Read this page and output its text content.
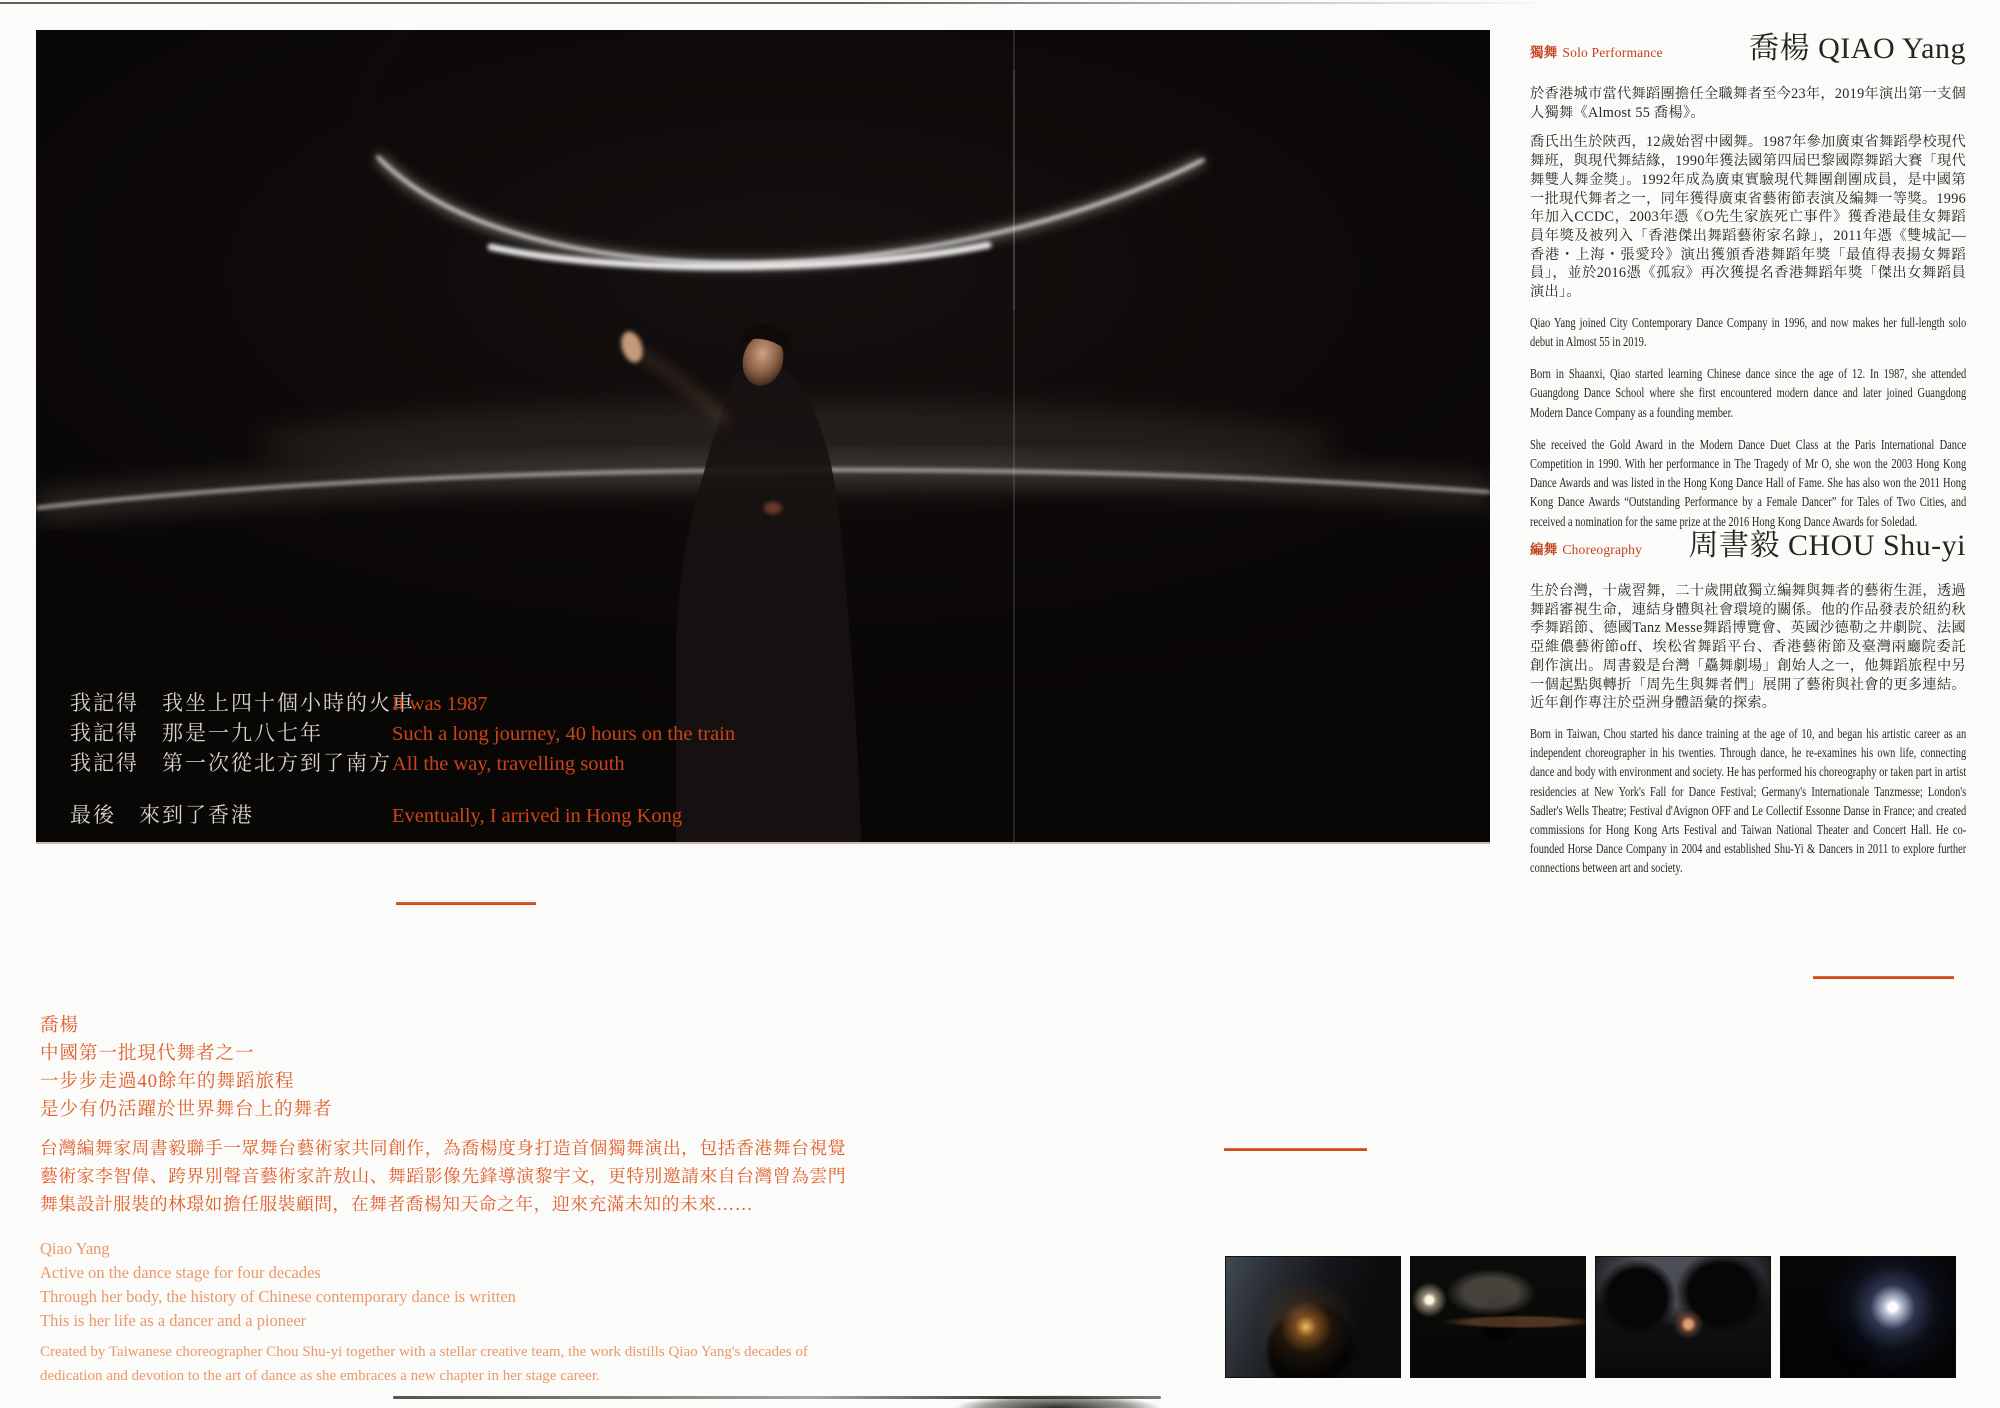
我記得　我坐上四十個小時的火車
我記得　那是一九八七年
我記得　第一次從北方到了南方
最後　來到了香港
It was 1987
Such a long journey, 40 hours on the train
All the way, travelling south
Eventually, I arrived in Hong Kong
獨舞 Solo Performance	喬楊 QIAO Yang

於香港城市當代舞蹈團擔任全職舞者至今23年，2019年演出第一支個人獨舞《Almost 55 喬楊》。

喬氏出生於陝西，12歲始習中國舞。1987年參加廣東省舞蹈學校現代舞班，與現代舞結緣，1990年獲法國第四屆巴黎國際舞蹈大賽「現代舞雙人舞金獎」。1992年成為廣東實驗現代舞團創團成員，是中國第一批現代舞者之一，同年獲得廣東省藝術節表演及編舞一等獎。1996年加入CCDC，2003年憑《O先生家族死亡事件》獲香港最佳女舞蹈員年獎及被列入「香港傑出舞蹈藝術家名錄」，2011年憑《雙城記—香港・上海・張愛玲》演出獲頒香港舞蹈年獎「最值得表揚女舞蹈員」，並於2016憑《孤寂》再次獲提名香港舞蹈年獎「傑出女舞蹈員演出」。

Qiao Yang joined City Contemporary Dance Company in 1996, and now makes her full-length solo debut in Almost 55 in 2019.

Born in Shaanxi, Qiao started learning Chinese dance since the age of 12. In 1987, she attended Guangdong Dance School where she first encountered modern dance and later joined Guangdong Modern Dance Company as a founding member.

She received the Gold Award in the Modern Dance Duet Class at the Paris International Dance Competition in 1990. With her performance in The Tragedy of Mr O, she won the 2003 Hong Kong Dance Awards and was listed in the Hong Kong Dance Hall of Fame. She has also won the 2011 Hong Kong Dance Awards “Outstanding Performance by a Female Dancer” for Tales of Two Cities, and received a nomination for the same prize at the 2016 Hong Kong Dance Awards for Soledad.

編舞 Choreography 周書毅 CHOU Shu-yi

生於台灣，十歲習舞，二十歲開啟獨立編舞與舞者的藝術生涯，透過舞蹈審視生命，連結身體與社會環境的關係。他的作品發表於紐約秋季舞蹈節、德國Tanz Messe舞蹈博覽會、英國沙德勒之井劇院、法國亞維儂藝術節off、埃松省舞蹈平台、香港藝術節及臺灣兩廳院委託創作演出。周書毅是台灣「驫舞劇場」創始人之一，他舞蹈旅程中另一個起點與轉折「周先生與舞者們」展開了藝術與社會的更多連結。近年創作專注於亞洲身體語彙的探索。

Born in Taiwan, Chou started his dance training at the age of 10, and began his artistic career as an independent choreographer in his twenties. Through dance, he re-examines his own life, connecting dance and body with environment and society. He has performed his choreography or taken part in artist residencies at New York's Fall for Dance Festival; Germany's Internationale Tanzmesse; London's Sadler's Wells Theatre; Festival d'Avignon OFF and Le Collectif Essonne Danse in France; and created commissions for Hong Kong Arts Festival and Taiwan National Theater and Concert Hall. He co-founded Horse Dance Company in 2004 and established Shu-Yi & Dancers in 2011 to explore further connections between art and society.

喬楊
中國第一批現代舞者之一
一步步走過40餘年的舞蹈旅程
是少有仍活躍於世界舞台上的舞者
台灣編舞家周書毅聯手一眾舞台藝術家共同創作，為喬楊度身打造首個獨舞演出，包括香港舞台視覺藝術家李智偉、跨界別聲音藝術家許敖山、舞蹈影像先鋒導演黎宇文，更特別邀請來自台灣曾為雲門舞集設計服裝的林璟如擔任服裝顧問，在舞者喬楊知天命之年，迎來充滿未知的未來……
Qiao Yang
Active on the dance stage for four decades
Through her body, the history of Chinese contemporary dance is written
This is her life as a dancer and a pioneer
Created by Taiwanese choreographer Chou Shu-yi together with a stellar creative team, the work distills Qiao Yang's decades of dedication and devotion to the art of dance as she embraces a new chapter in her stage career.
